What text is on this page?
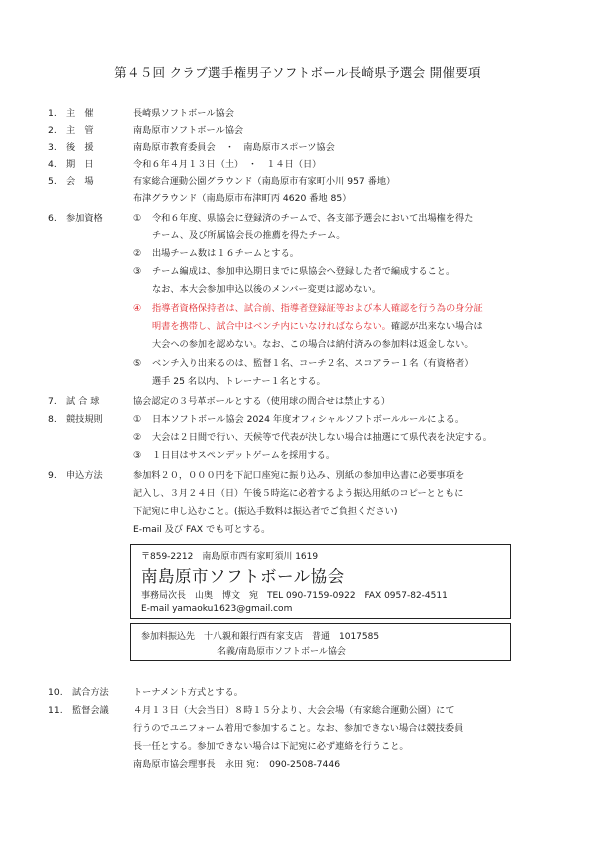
第４５回 クラブ選手権男子ソフトボール長崎県予選会 開催要項
1. 主　催	長崎県ソフトボール協会
2. 主　管	南島原市ソフトボール協会
3. 後　援	南島原市教育委員会　・　南島原市スポーツ協会
4. 期　日	令和６年４月１３日（土）　・　１４日（日）
5. 会　場	有家総合運動公園グラウンド（南島原市有家町小川 957 番地）
布津グラウンド（南島原市布津町丙 4620 番地 85）
6. 参加資格	① 令和６年度、県協会に登録済のチームで、各支部予選会において出場権を得た
チーム、及び所属協会長の推薦を得たチーム。
② 出場チーム数は１６チームとする。
③ チーム編成は、参加申込期日までに県協会へ登録した者で編成すること。
なお、本大会参加申込以後のメンバー変更は認めない。
④ 指導者資格保持者は、試合前、指導者登録証等および本人確認を行う為の身分証
明書を携帯し、試合中はベンチ内にいなければならない。確認が出来ない場合は
大会への参加を認めない。なお、この場合は納付済みの参加料は返金しない。
⑤ ベンチ入り出来るのは、監督１名、コーチ２名、スコアラー１名（有資格者）
選手 25 名以内、トレーナー１名とする。
7. 試 合 球	協会認定の３号革ボールとする（使用球の間合せは禁止する）
8. 競技規則	① 日本ソフトボール協会 2024 年度オフィシャルソフトボールルールによる。
② 大会は２日間で行い、天候等で代表が決しない場合は抽選にて県代表を決定する。
③ １日目はサスペンデットゲームを採用する。
9. 申込方法	参加料２０，０００円を下記口座宛に振り込み、別紙の参加申込書に必要事項を
記入し、３月２４日（日）午後５時迄に必着するよう振込用紙のコピーとともに
下記宛に申し込むこと。(振込手数料は振込者でご負担ください)
E-mail 及び FAX でも可とする。
〒859-2212　南島原市西有家町須川 1619
南島原市ソフトボール協会
事務局次長　山奥　博文　宛　TEL 090-7159-0922　FAX 0957-82-4511
E-mail yamaoku1623@gmail.com
参加料振込先　十八親和銀行西有家支店　普通　1017585
名義/南島原市ソフトボール協会
10. 試合方法	トーナメント方式とする。
11. 監督会議	４月１３日（大会当日）８時１５分より、大会会場（有家総合運動公園）にて
行うのでユニフォーム着用で参加すること。なお、参加できない場合は競技委員
長一任とする。参加できない場合は下記宛に必ず連絡を行うこと。
南島原市協会理事長　永田 宛：　090-2508-7446
